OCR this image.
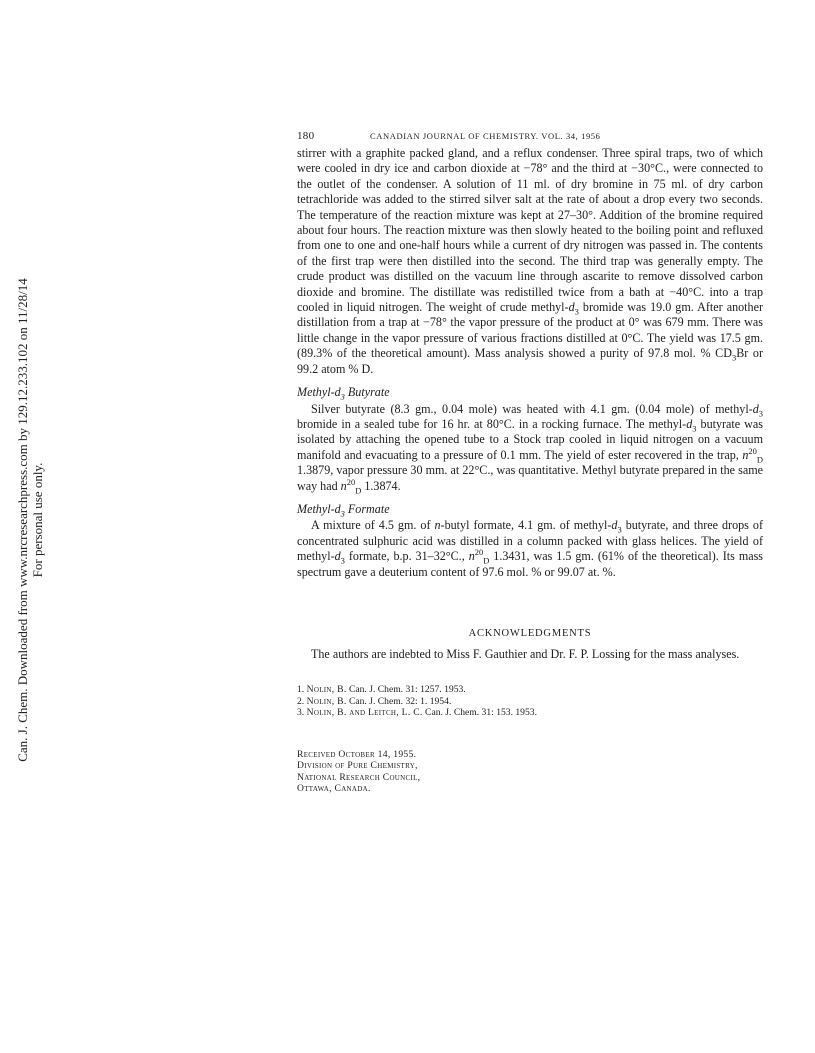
Can. J. Chem. Downloaded from www.nrcresearchpress.com by 129.12.233.102 on 11/28/14 For personal use only.
180	CANADIAN JOURNAL OF CHEMISTRY. VOL. 34, 1956

stirrer with a graphite packed gland, and a reflux condenser. Three spiral traps, two of which were cooled in dry ice and carbon dioxide at −78° and the third at −30°C., were connected to the outlet of the condenser. A solution of 11 ml. of dry bromine in 75 ml. of dry carbon tetrachloride was added to the stirred silver salt at the rate of about a drop every two seconds. The temperature of the reaction mixture was kept at 27–30°. Addition of the bromine required about four hours. The reaction mixture was then slowly heated to the boiling point and refluxed from one to one and one-half hours while a current of dry nitrogen was passed in. The contents of the first trap were then distilled into the second. The third trap was generally empty. The crude product was distilled on the vacuum line through ascarite to remove dissolved carbon dioxide and bromine. The distillate was redistilled twice from a bath at −40°C. into a trap cooled in liquid nitrogen. The weight of crude methyl-$d_3$ bromide was 19.0 gm. After another distillation from a trap at −78° the vapor pressure of the product at 0° was 679 mm. There was little change in the vapor pressure of various fractions distilled at 0°C. The yield was 17.5 gm. (89.3% of the theoretical amount). Mass analysis showed a purity of 97.8 mol. % $CD_3Br$ or 99.2 atom % D.

Methyl-$d_3$ Butyrate

Silver butyrate (8.3 gm., 0.04 mole) was heated with 4.1 gm. (0.04 mole) of methyl-$d_3$ bromide in a sealed tube for 16 hr. at 80°C. in a rocking furnace. The methyl-$d_3$ butyrate was isolated by attaching the opened tube to a Stock trap cooled in liquid nitrogen on a vacuum manifold and evacuating to a pressure of 0.1 mm. The yield of ester recovered in the trap, $n^{20}_D$ 1.3879, vapor pressure 30 mm. at 22°C., was quantitative. Methyl butyrate prepared in the same way had $n^{20}_D$ 1.3874.

Methyl-$d_3$ Formate

A mixture of 4.5 gm. of n-butyl formate, 4.1 gm. of methyl-$d_3$ butyrate, and three drops of concentrated sulphuric acid was distilled in a column packed with glass helices. The yield of methyl-$d_3$ formate, b.p. 31–32°C., $n^{20}_D$ 1.3431, was 1.5 gm. (61% of the theoretical). Its mass spectrum gave a deuterium content of 97.6 mol. % or 99.07 at. %.

ACKNOWLEDGMENTS

The authors are indebted to Miss F. Gauthier and Dr. F. P. Lossing for the mass analyses.

1. Nolin, B. Can. J. Chem. 31: 1257. 1953.
2. Nolin, B. Can. J. Chem. 32: 1. 1954.
3. Nolin, B. and Leitch, L. C. Can. J. Chem. 31: 153. 1953.
Received October 14, 1955.
Division of Pure Chemistry,
National Research Council,
Ottawa, Canada.
